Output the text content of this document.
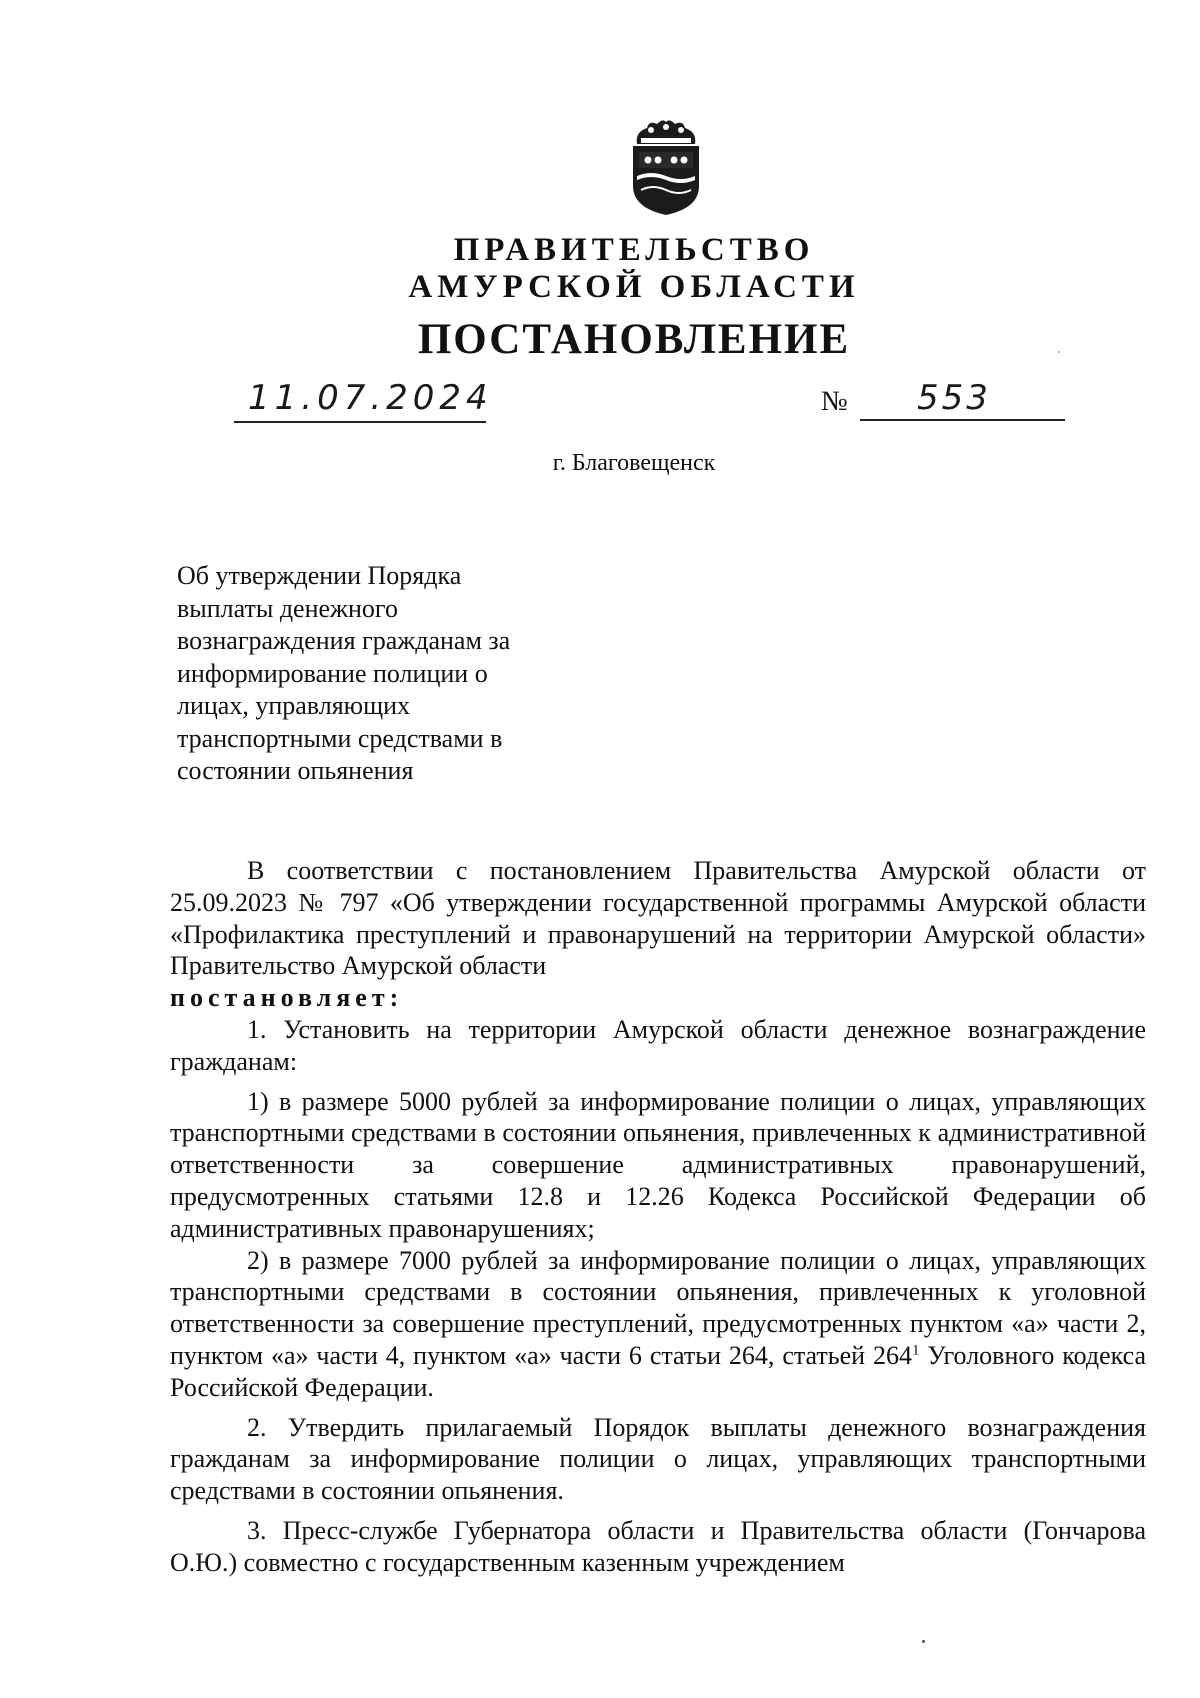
ПРАВИТЕЛЬСТВО
АМУРСКОЙ ОБЛАСТИ
ПОСТАНОВЛЕНИЕ
11.07.2024	№ 553
г. Благовещенск
Об утверждении Порядка
выплаты денежного
вознаграждения гражданам за
информирование полиции о
лицах, управляющих
транспортными средствами в
состоянии опьянения

В соответствии с постановлением Правительства Амурской области от 25.09.2023 № 797 «Об утверждении государственной программы Амурской области «Профилактика преступлений и правонарушений на территории Амурской области» Правительство Амурской области

постановляет:

1. Установить на территории Амурской области денежное вознаграждение гражданам:

1) в размере 5000 рублей за информирование полиции о лицах, управляющих транспортными средствами в состоянии опьянения, привлеченных к административной ответственности за совершение административных правонарушений, предусмотренных статьями 12.8 и 12.26 Кодекса Российской Федерации об административных правонарушениях;

2) в размере 7000 рублей за информирование полиции о лицах, управляющих транспортными средствами в состоянии опьянения, привлеченных к уголовной ответственности за совершение преступлений, предусмотренных пунктом «а» части 2, пунктом «а» части 4, пунктом «а» части 6 статьи 264, статьей $264^1$ Уголовного кодекса Российской Федерации.

2. Утвердить прилагаемый Порядок выплаты денежного вознаграждения гражданам за информирование полиции о лицах, управляющих транспортными средствами в состоянии опьянения.

3. Пресс-службе Губернатора области и Правительства области (Гончарова О.Ю.) совместно с государственным казенным учреждением
